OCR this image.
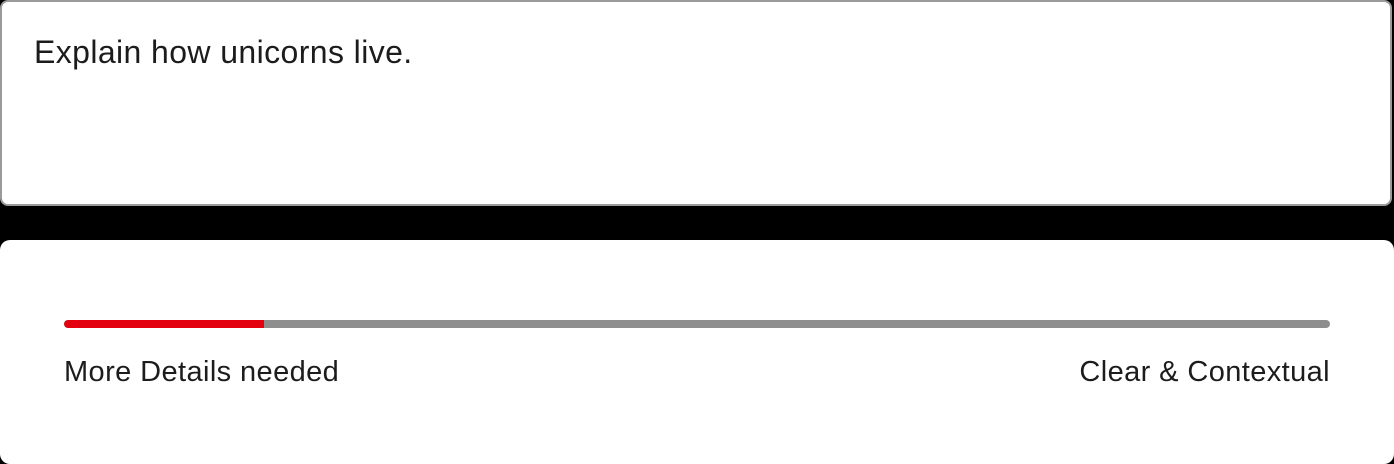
Explain how unicorns live.
More Details needed	Clear & Contextual
